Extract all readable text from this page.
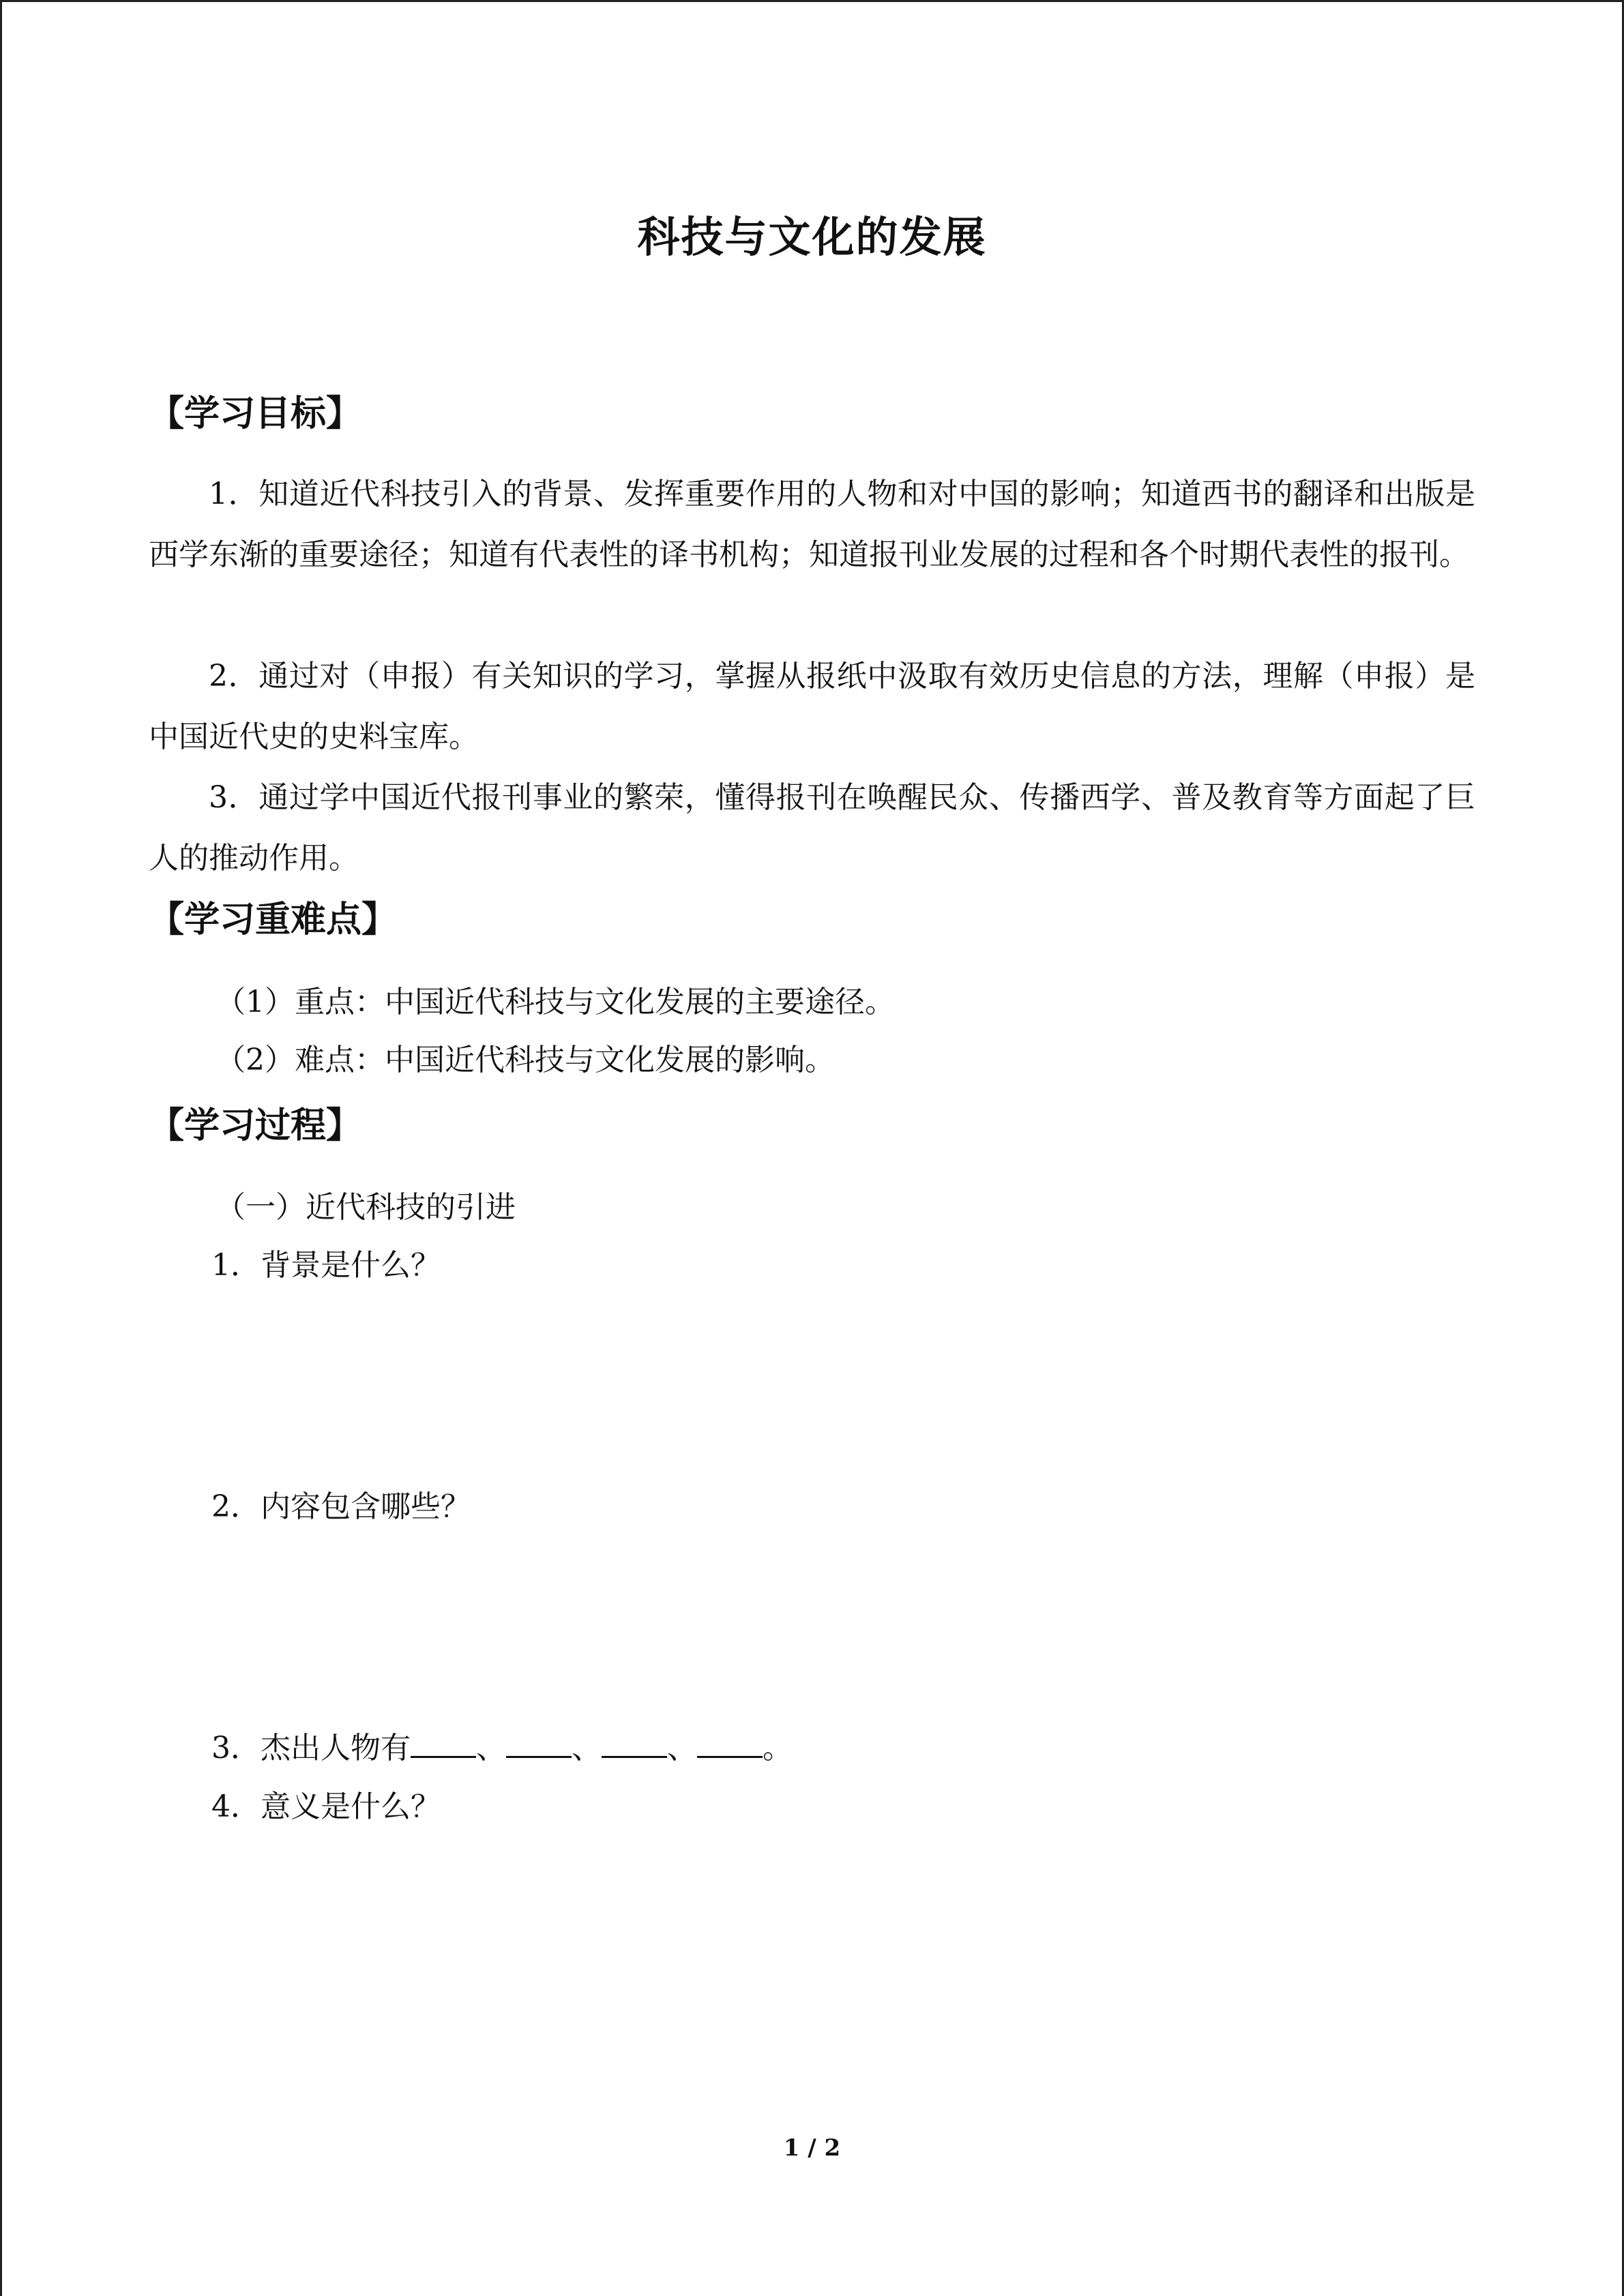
科技与文化的发展
【学习目标】
1．知道近代科技引入的背景、发挥重要作用的人物和对中国的影响；知道西书的翻译和出版是西学东渐的重要途径；知道有代表性的译书机构；知道报刊业发展的过程和各个时期代表性的报刊。
2．通过对（申报）有关知识的学习，掌握从报纸中汲取有效历史信息的方法，理解（申报）是中国近代史的史料宝库。
3．通过学中国近代报刊事业的繁荣，懂得报刊在唤醒民众、传播西学、普及教育等方面起了巨人的推动作用。
【学习重难点】
（1）重点：中国近代科技与文化发展的主要途径。
（2）难点：中国近代科技与文化发展的影响。
【学习过程】
（一）近代科技的引进
1．背景是什么？
2．内容包含哪些？
3．杰出人物有 、 、 、 。
4．意义是什么？
1 / 2
